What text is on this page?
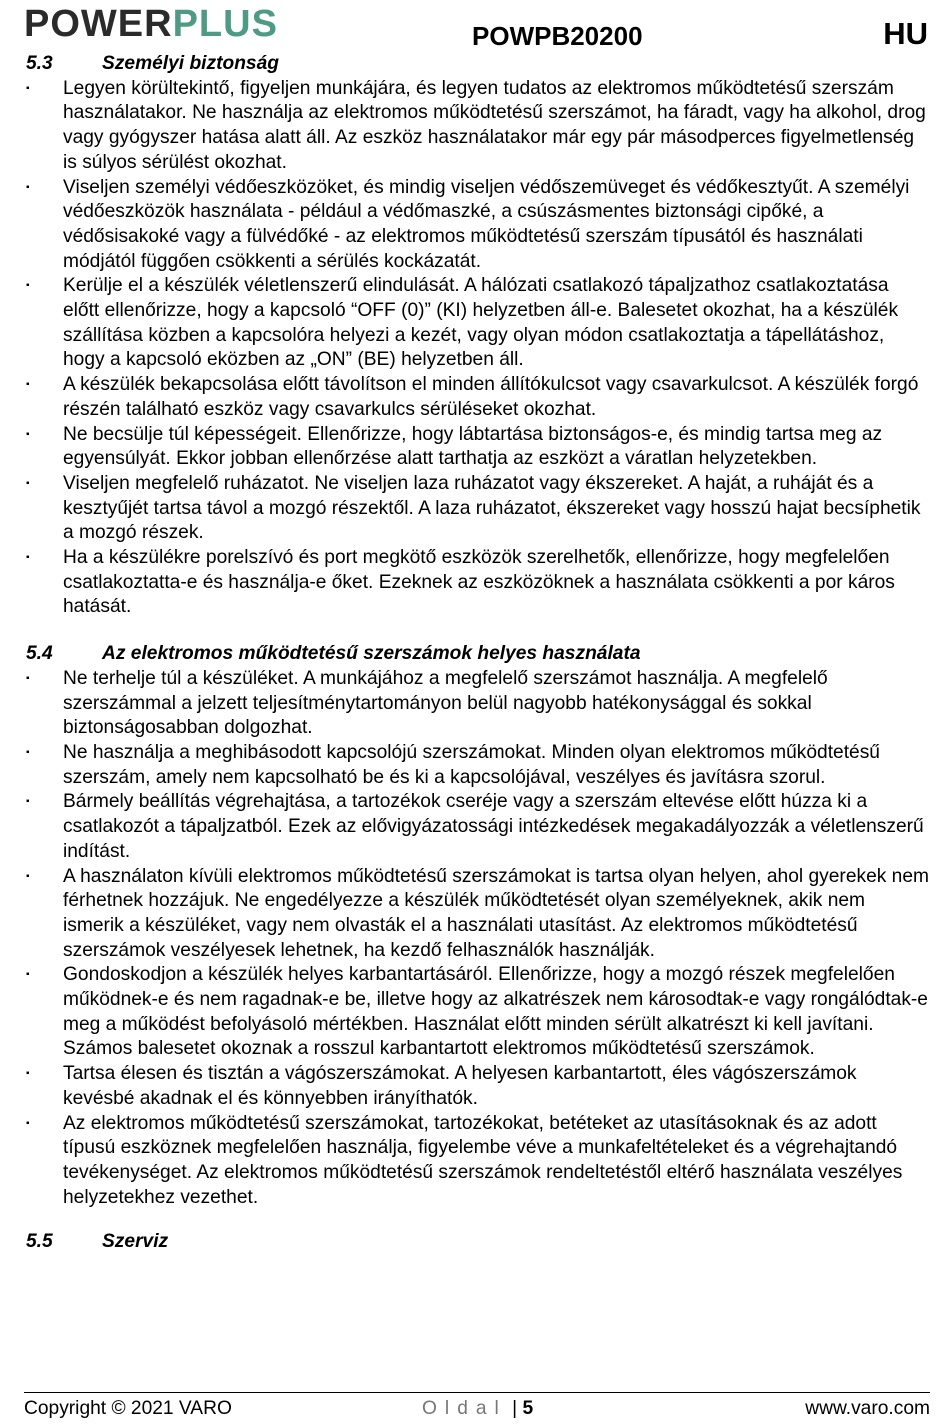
POWERPLUS	POWPB20200	HU
5.3	Személyi biztonság
▪ Legyen körültekintő, figyeljen munkájára, és legyen tudatos az elektromos működtetésű szerszám használatakor. Ne használja az elektromos működtetésű szerszámot, ha fáradt, vagy ha alkohol, drog vagy gyógyszer hatása alatt áll. Az eszköz használatakor már egy pár másodperces figyelmetlenség is súlyos sérülést okozhat.
▪ Viseljen személyi védőeszközöket, és mindig viseljen védőszemüveget és védőkesztyűt. A személyi védőeszközök használata - például a védőmaszké, a csúszásmentes biztonsági cipőké, a védősisakoké vagy a fülvédőké - az elektromos működtetésű szerszám típusától és használati módjától függően csökkenti a sérülés kockázatát.
▪ Kerülje el a készülék véletlenszerű elindulását. A hálózati csatlakozó tápaljzathoz csatlakoztatása előtt ellenőrizze, hogy a kapcsoló “OFF (0)” (KI) helyzetben áll-e. Balesetet okozhat, ha a készülék szállítása közben a kapcsolóra helyezi a kezét, vagy olyan módon csatlakoztatja a tápellátáshoz, hogy a kapcsoló eközben az „ON” (BE) helyzetben áll.
▪ A készülék bekapcsolása előtt távolítson el minden állítókulcsot vagy csavarkulcsot. A készülék forgó részén található eszköz vagy csavarkulcs sérüléseket okozhat.
▪ Ne becsülje túl képességeit. Ellenőrizze, hogy lábtartása biztonságos-e, és mindig tartsa meg az egyensúlyát. Ekkor jobban ellenőrzése alatt tarthatja az eszközt a váratlan helyzetekben.
▪ Viseljen megfelelő ruházatot. Ne viseljen laza ruházatot vagy ékszereket. A haját, a ruháját és a kesztyűjét tartsa távol a mozgó részektől. A laza ruházatot, ékszereket vagy hosszú hajat becsíphetik a mozgó részek.
▪ Ha a készülékre porelszívó és port megkötő eszközök szerelhetők, ellenőrizze, hogy megfelelően csatlakoztatta-e és használja-e őket. Ezeknek az eszközöknek a használata csökkenti a por káros hatását.
5.4	Az elektromos működtetésű szerszámok helyes használata
▪ Ne terhelje túl a készüléket. A munkájához a megfelelő szerszámot használja. A megfelelő szerszámmal a jelzett teljesítménytartományon belül nagyobb hatékonysággal és sokkal biztonságosabban dolgozhat.
▪ Ne használja a meghibásodott kapcsolójú szerszámokat. Minden olyan elektromos működtetésű szerszám, amely nem kapcsolható be és ki a kapcsolójával, veszélyes és javításra szorul.
▪ Bármely beállítás végrehajtása, a tartozékok cseréje vagy a szerszám eltevése előtt húzza ki a csatlakozót a tápaljzatból. Ezek az elővigyázatossági intézkedések megakadályozzák a véletlenszerű indítást.
▪ A használaton kívüli elektromos működtetésű szerszámokat is tartsa olyan helyen, ahol gyerekek nem férhetnek hozzájuk. Ne engedélyezze a készülék működtetését olyan személyeknek, akik nem ismerik a készüléket, vagy nem olvasták el a használati utasítást. Az elektromos működtetésű szerszámok veszélyesek lehetnek, ha kezdő felhasználók használják.
▪ Gondoskodjon a készülék helyes karbantartásáról. Ellenőrizze, hogy a mozgó részek megfelelően működnek-e és nem ragadnak-e be, illetve hogy az alkatrészek nem károsodtak-e vagy rongálódtak-e meg a működést befolyásoló mértékben. Használat előtt minden sérült alkatrészt ki kell javítani. Számos balesetet okoznak a rosszul karbantartott elektromos működtetésű szerszámok.
▪ Tartsa élesen és tisztán a vágószerszámokat. A helyesen karbantartott, éles vágószerszámok kevésbé akadnak el és könnyebben irányíthatók.
▪ Az elektromos működtetésű szerszámokat, tartozékokat, betéteket az utasításoknak és az adott típusú eszköznek megfelelően használja, figyelembe véve a munkafeltételeket és a végrehajtandó tevékenységet. Az elektromos működtetésű szerszámok rendeltetéstől eltérő használata veszélyes helyzetekhez vezethet.
5.5	Szerviz
Copyright © 2021 VARO	Oldal | 5	www.varo.com
